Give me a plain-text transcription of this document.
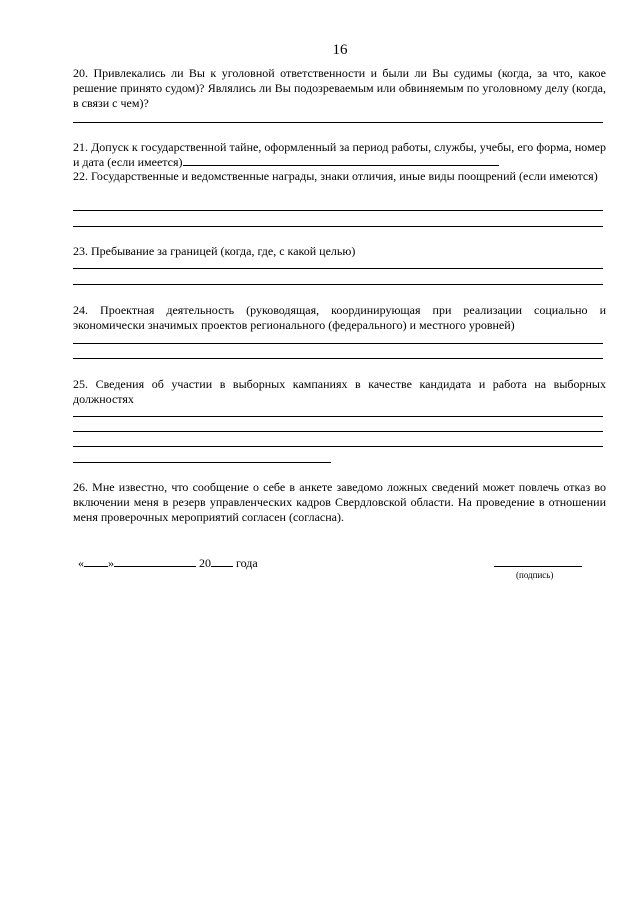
16
20. Привлекались ли Вы к уголовной ответственности и были ли Вы судимы (когда, за что, какое решение принято судом)? Являлись ли Вы подозреваемым или обвиняемым по уголовному делу (когда, в связи с чем)?
21. Допуск к государственной тайне, оформленный за период работы, службы, учебы, его форма, номер и дата (если имеется)
22. Государственные и ведомственные награды, знаки отличия, иные виды поощрений (если имеются)
23. Пребывание за границей (когда, где, с какой целью)
24. Проектная деятельность (руководящая, координирующая при реализации социально и экономически значимых проектов регионального (федерального) и местного уровней)
25. Сведения об участии в выборных кампаниях в качестве кандидата и работа на выборных должностях
26. Мне известно, что сообщение о себе в анкете заведомо ложных сведений может повлечь отказ во включении меня в резерв управленческих кадров Свердловской области. На проведение в отношении меня проверочных мероприятий согласен (согласна).
« »	20 года
(подпись)
